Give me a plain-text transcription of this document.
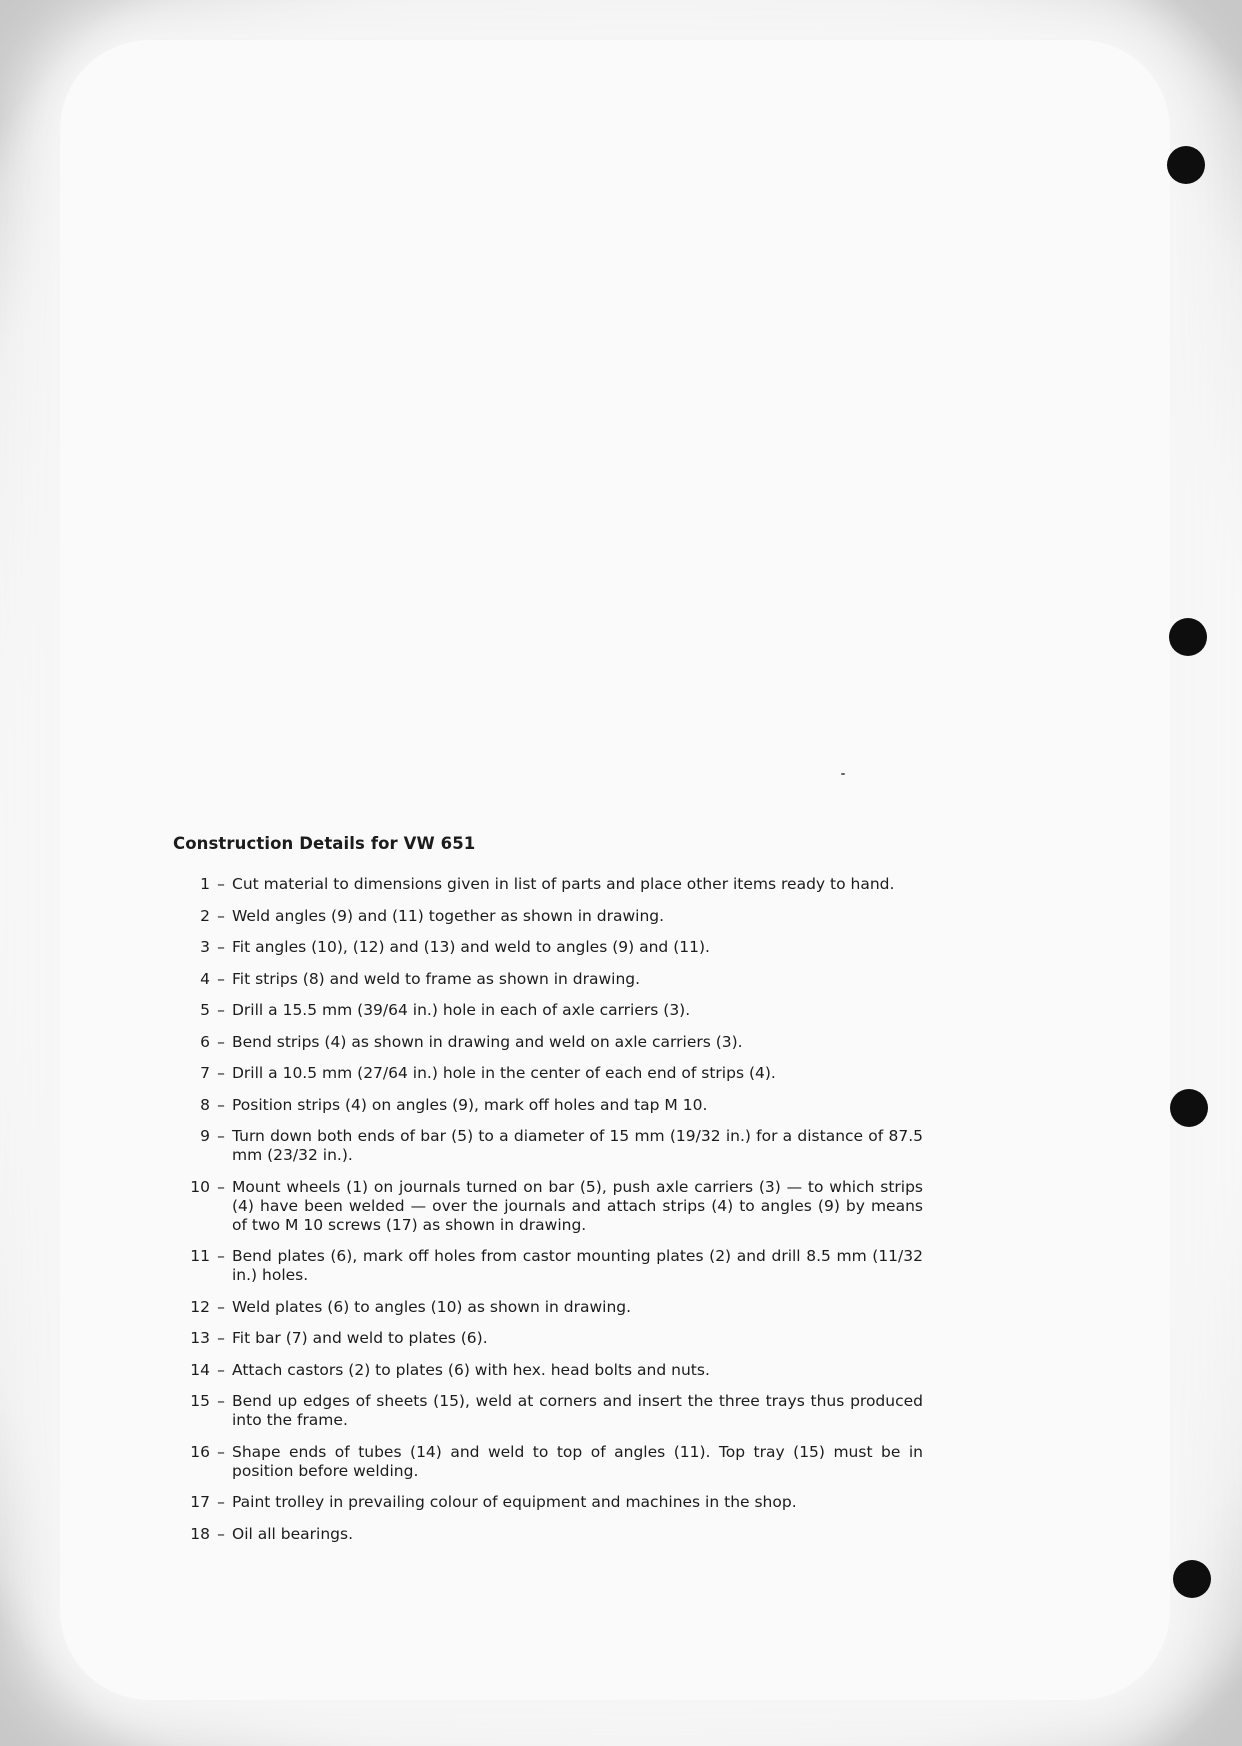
Construction Details for VW 651
1 – Cut material to dimensions given in list of parts and place other items ready to hand.
2 – Weld angles (9) and (11) together as shown in drawing.
3 – Fit angles (10), (12) and (13) and weld to angles (9) and (11).
4 – Fit strips (8) and weld to frame as shown in drawing.
5 – Drill a 15.5 mm (39/64 in.) hole in each of axle carriers (3).
6 – Bend strips (4) as shown in drawing and weld on axle carriers (3).
7 – Drill a 10.5 mm (27/64 in.) hole in the center of each end of strips (4).
8 – Position strips (4) on angles (9), mark off holes and tap M 10.
9 – Turn down both ends of bar (5) to a diameter of 15 mm (19/32 in.) for a distance of 87.5 mm (23/32 in.).
10 – Mount wheels (1) on journals turned on bar (5), push axle carriers (3) — to which strips (4) have been welded — over the journals and attach strips (4) to angles (9) by means of two M 10 screws (17) as shown in drawing.
11 – Bend plates (6), mark off holes from castor mounting plates (2) and drill 8.5 mm (11/32 in.) holes.
12 – Weld plates (6) to angles (10) as shown in drawing.
13 – Fit bar (7) and weld to plates (6).
14 – Attach castors (2) to plates (6) with hex. head bolts and nuts.
15 – Bend up edges of sheets (15), weld at corners and insert the three trays thus produced into the frame.
16 – Shape ends of tubes (14) and weld to top of angles (11). Top tray (15) must be in position before welding.
17 – Paint trolley in prevailing colour of equipment and machines in the shop.
18 – Oil all bearings.
